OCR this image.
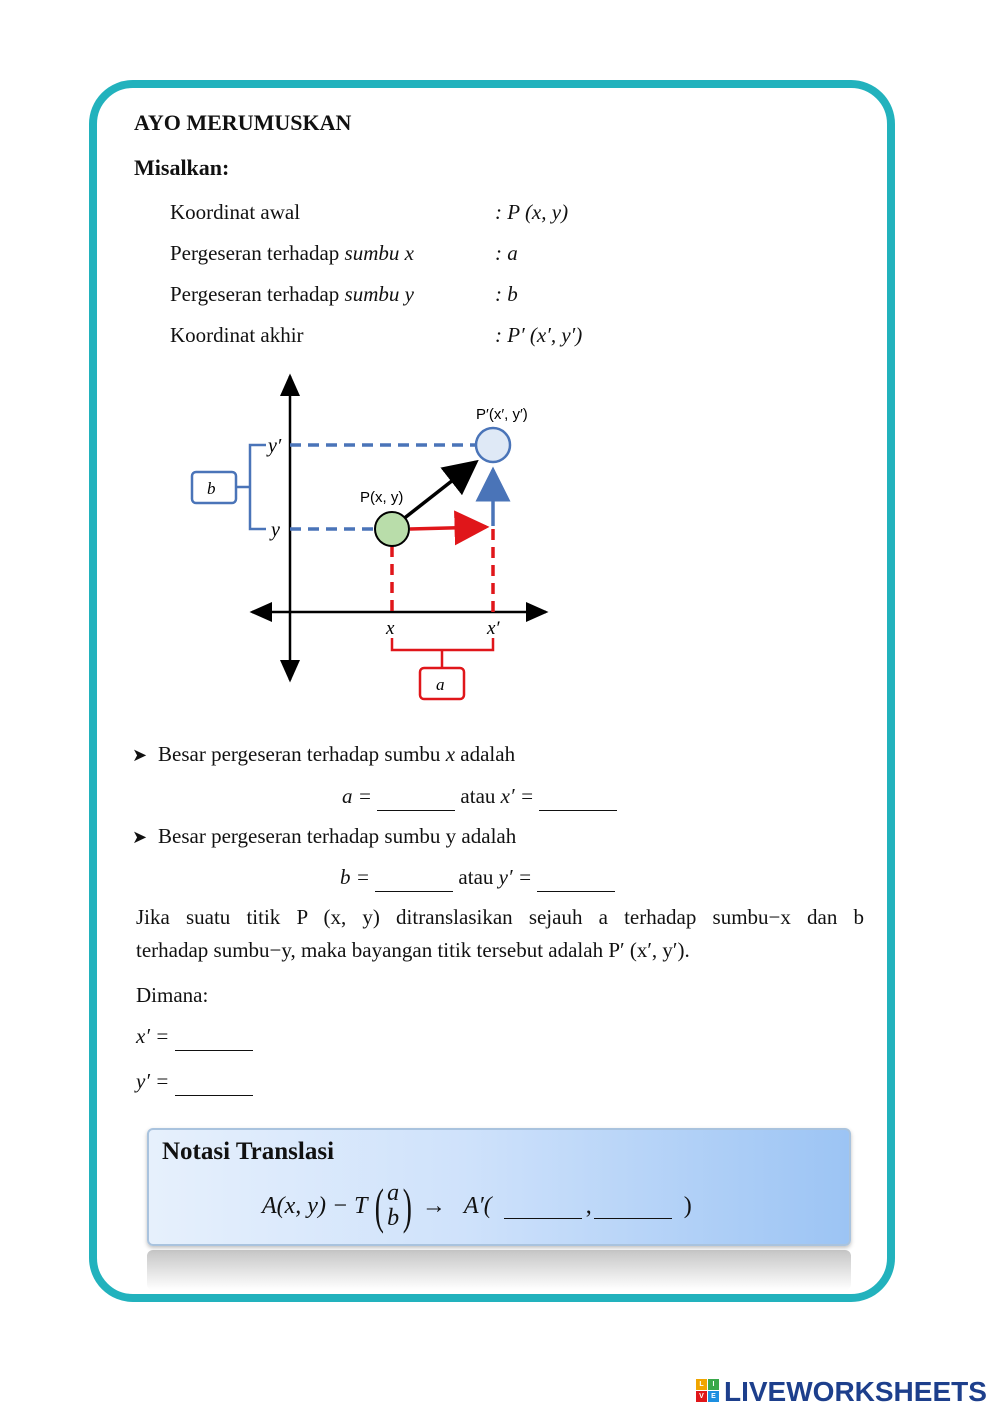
AYO MERUMUSKAN
Misalkan:
Koordinat awal	: P (x, y)
Pergeseran terhadap sumbu x	: a
Pergeseran terhadap sumbu y	: b
Koordinat akhir	: P′ (x′, y′)
P(x, y)
P′(x′, y′)
y′
y
x	x′
b
a
➤ Besar pergeseran terhadap sumbu x adalah
a =	atau x′ =
➤ Besar pergeseran terhadap sumbu y adalah
b =	atau y′ =
Jika suatu titik P (x, y) ditranslasikan sejauh a terhadap sumbu−x dan b
terhadap sumbu−y, maka bayangan titik tersebut adalah P′ (x′, y′).
Dimana:
x′ =
y′ =
Notasi Translasi
A(x, y) − T ( a
b ) → A′(	,	)
L	I
V	E LIVEWORKSHEETS
